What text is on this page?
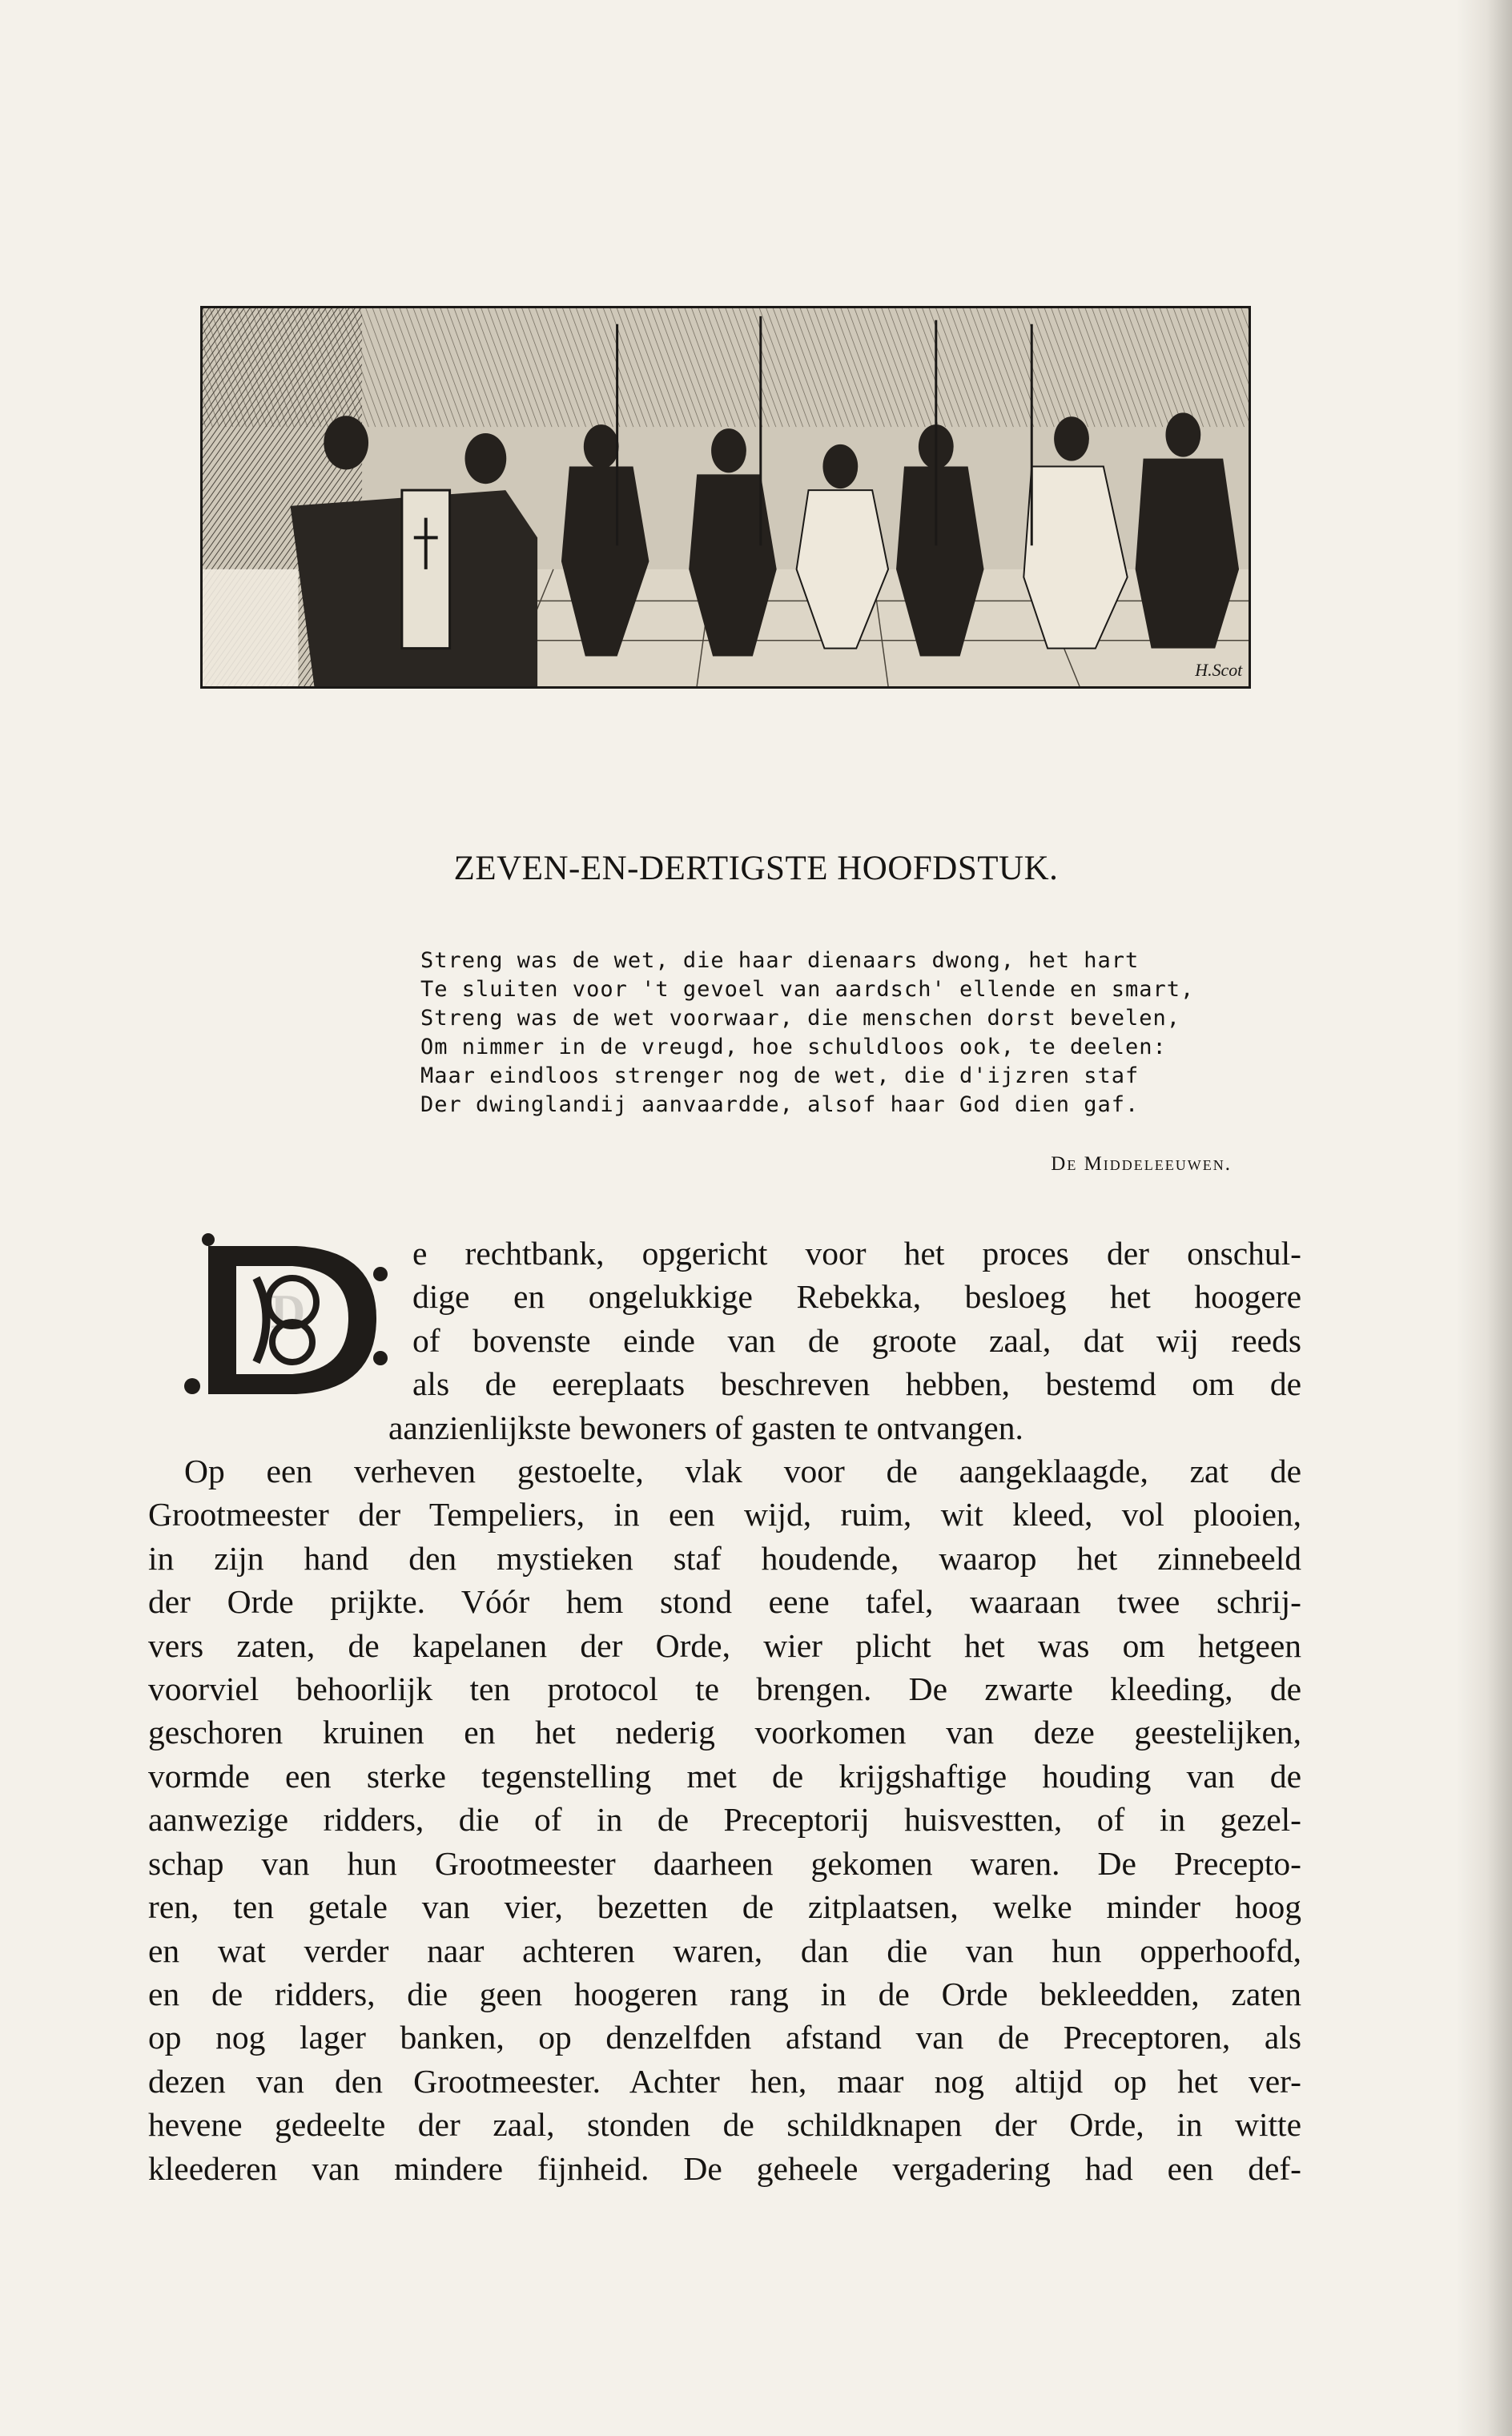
H.Scot
ZEVEN-EN-DERTIGSTE HOOFDSTUK.
Streng was de wet, die haar dienaars dwong, het hart
Te sluiten voor 't gevoel van aardsch' ellende en smart,
Streng was de wet voorwaar, die menschen dorst bevelen,
Om nimmer in de vreugd, hoe schuldloos ook, te deelen:
Maar eindloos strenger nog de wet, die d'ijzren staf
Der dwinglandij aanvaardde, alsof haar God dien gaf.
De Middeleeuwen.
D
e rechtbank, opgericht voor het proces der onschul-
dige en ongelukkige Rebekka, besloeg het hoogere
of bovenste einde van de groote zaal, dat wij reeds
als de eereplaats beschreven hebben, bestemd om de
aanzienlijkste bewoners of gasten te ontvangen.
Op een verheven gestoelte, vlak voor de aangeklaagde, zat de
Grootmeester der Tempeliers, in een wijd, ruim, wit kleed, vol plooien,
in zijn hand den mystieken staf houdende, waarop het zinnebeeld
der Orde prijkte. Vóór hem stond eene tafel, waaraan twee schrij-
vers zaten, de kapelanen der Orde, wier plicht het was om hetgeen
voorviel behoorlijk ten protocol te brengen. De zwarte kleeding, de
geschoren kruinen en het nederig voorkomen van deze geestelijken,
vormde een sterke tegenstelling met de krijgshaftige houding van de
aanwezige ridders, die of in de Preceptorij huisvestten, of in gezel-
schap van hun Grootmeester daarheen gekomen waren. De Precepto-
ren, ten getale van vier, bezetten de zitplaatsen, welke minder hoog
en wat verder naar achteren waren, dan die van hun opperhoofd,
en de ridders, die geen hoogeren rang in de Orde bekleedden, zaten
op nog lager banken, op denzelfden afstand van de Preceptoren, als
dezen van den Grootmeester. Achter hen, maar nog altijd op het ver-
hevene gedeelte der zaal, stonden de schildknapen der Orde, in witte
kleederen van mindere fijnheid. De geheele vergadering had een def-
